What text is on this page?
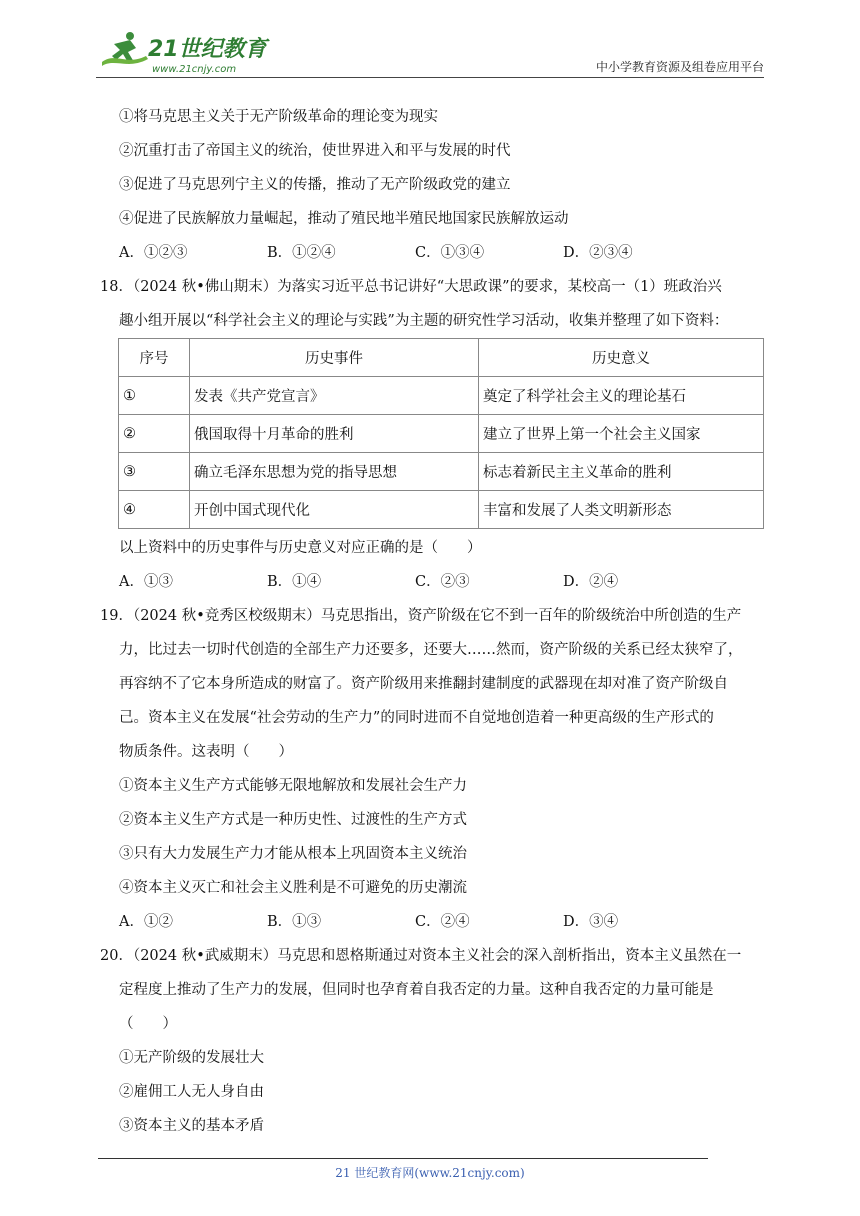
21世纪教育
www.21cnjy.com	中小学教育资源及组卷应用平台
①将马克思主义关于无产阶级革命的理论变为现实
②沉重打击了帝国主义的统治，使世界进入和平与发展的时代
③促进了马克思列宁主义的传播，推动了无产阶级政党的建立
④促进了民族解放力量崛起，推动了殖民地半殖民地国家民族解放运动
A．①②③	B．①②④	C．①③④	D．②③④
18．（2024 秋•佛山期末）为落实习近平总书记讲好“大思政课”的要求，某校高一（1）班政治兴
趣小组开展以“科学社会主义的理论与实践”为主题的研究性学习活动，收集并整理了如下资料：
序号	历史事件	历史意义
①	发表《共产党宣言》	奠定了科学社会主义的理论基石
②	俄国取得十月革命的胜利	建立了世界上第一个社会主义国家
③	确立毛泽东思想为党的指导思想	标志着新民主主义革命的胜利
④	开创中国式现代化	丰富和发展了人类文明新形态
以上资料中的历史事件与历史意义对应正确的是（　　）
A．①③	B．①④	C．②③	D．②④
19．（2024 秋•竞秀区校级期末）马克思指出，资产阶级在它不到一百年的阶级统治中所创造的生产
力，比过去一切时代创造的全部生产力还要多，还要大……然而，资产阶级的关系已经太狭窄了，
再容纳不了它本身所造成的财富了。资产阶级用来推翻封建制度的武器现在却对准了资产阶级自
己。资本主义在发展“社会劳动的生产力”的同时进而不自觉地创造着一种更高级的生产形式的
物质条件。这表明（　　）
①资本主义生产方式能够无限地解放和发展社会生产力
②资本主义生产方式是一种历史性、过渡性的生产方式
③只有大力发展生产力才能从根本上巩固资本主义统治
④资本主义灭亡和社会主义胜利是不可避免的历史潮流
A．①②	B．①③	C．②④	D．③④
20．（2024 秋•武威期末）马克思和恩格斯通过对资本主义社会的深入剖析指出，资本主义虽然在一
定程度上推动了生产力的发展，但同时也孕育着自我否定的力量。这种自我否定的力量可能是
（　　）
①无产阶级的发展壮大
②雇佣工人无人身自由
③资本主义的基本矛盾
21 世纪教育网(www.21cnjy.com)
